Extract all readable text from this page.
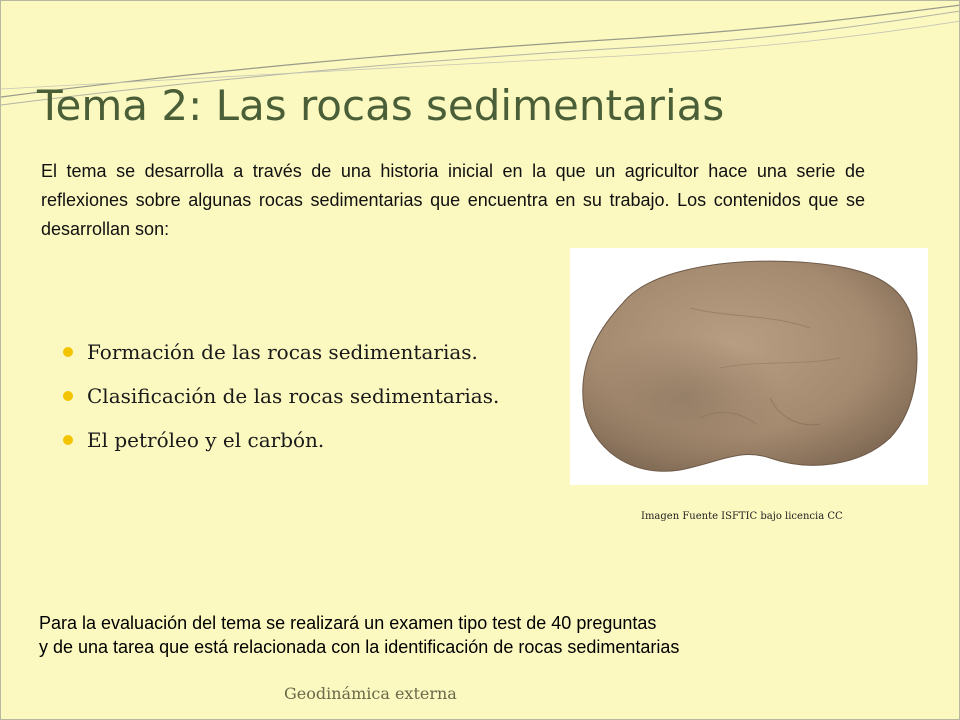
Tema 2: Las rocas sedimentarias

El tema se desarrolla a través de una historia inicial en la que un agricultor hace una serie de reflexiones sobre algunas rocas sedimentarias que encuentra en su trabajo. Los contenidos que se desarrollan son:

Formación de las rocas sedimentarias.
Clasificación de las rocas sedimentarias.
El petróleo y el carbón.

Imagen Fuente ISFTIC bajo licencia CC

Para la evaluación del tema se realizará un examen tipo test de 40 preguntas
y de una tarea que está relacionada con la identificación de rocas sedimentarias

Geodinámica externa
